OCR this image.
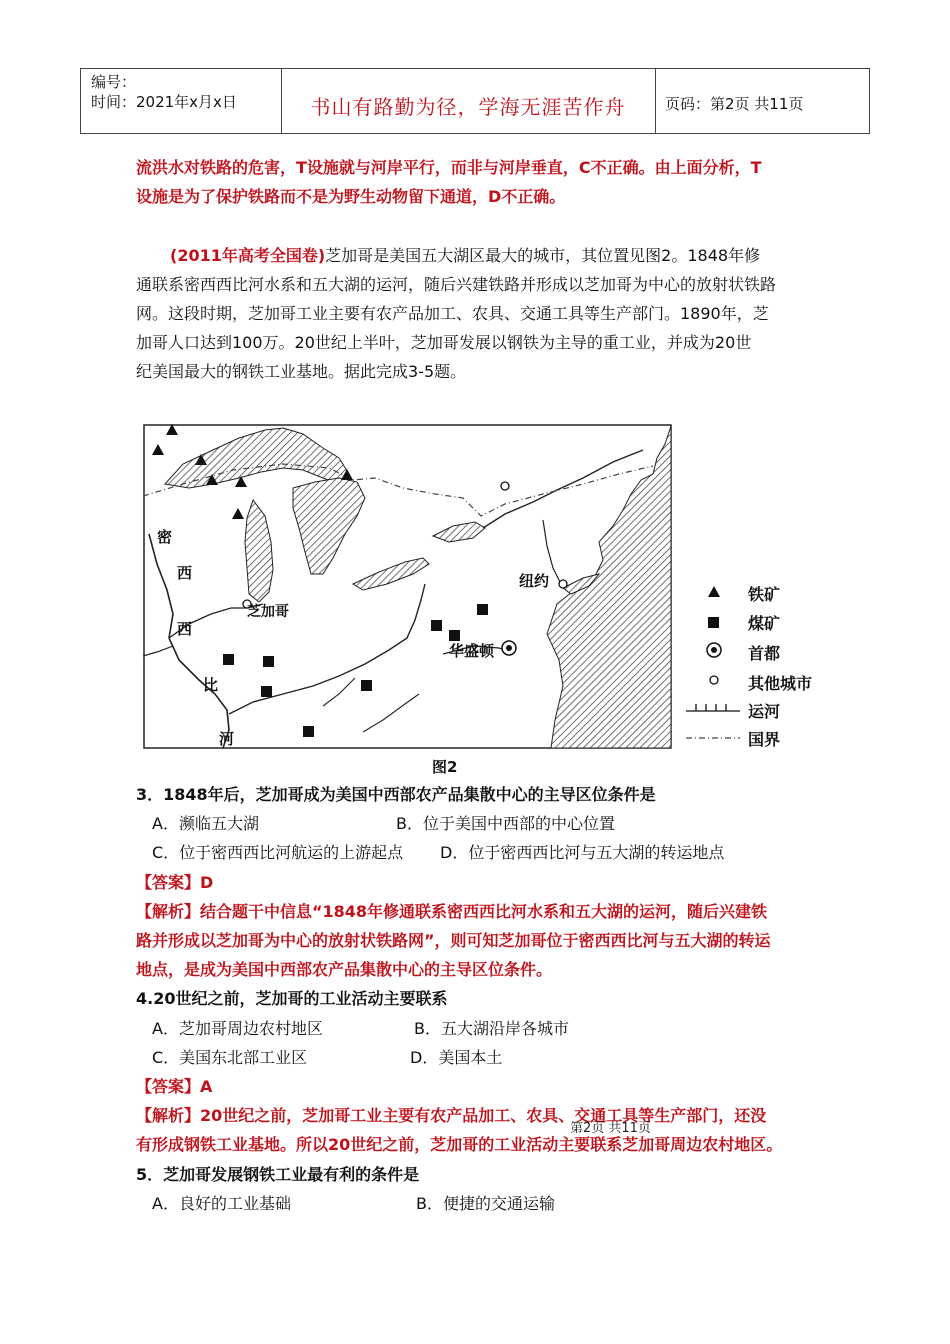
编号：
时间：2021年x月x日	书山有路勤为径，学海无涯苦作舟	页码：第2页 共11页
流洪水对铁路的危害，T设施就与河岸平行，而非与河岸垂直，C不正确。由上面分析，T
设施是为了保护铁路而不是为野生动物留下通道，D不正确。
(2011年高考全国卷)芝加哥是美国五大湖区最大的城市，其位置见图2。1848年修
通联系密西西比河水系和五大湖的运河，随后兴建铁路并形成以芝加哥为中心的放射状铁路
网。这段时期，芝加哥工业主要有农产品加工、农具、交通工具等生产部门。1890年，芝
加哥人口达到100万。20世纪上半叶，芝加哥发展以钢铁为主导的重工业，并成为20世
纪美国最大的钢铁工业基地。据此完成3-5题。
密
西
西
比
河
芝加哥
纽约
华盛顿
铁矿
煤矿
首都
其他城市
运河
国界
图2
3．1848年后，芝加哥成为美国中西部农产品集散中心的主导区位条件是
A．濒临五大湖	B．位于美国中西部的中心位置
C．位于密西西比河航运的上游起点 D．位于密西西比河与五大湖的转运地点
【答案】D
【解析】结合题干中信息“1848年修通联系密西西比河水系和五大湖的运河，随后兴建铁
路并形成以芝加哥为中心的放射状铁路网”，则可知芝加哥位于密西西比河与五大湖的转运
地点，是成为美国中西部农产品集散中心的主导区位条件。
4.20世纪之前，芝加哥的工业活动主要联系
A．芝加哥周边农村地区	B．五大湖沿岸各城市
C．美国东北部工业区	D．美国本土
【答案】A
【解析】20世纪之前，芝加哥工业主要有农产品加工、农具、交通工具等生产部门，还没
有形成钢铁工业基地。所以20世纪之前，芝加哥的工业活动主要联系芝加哥周边农村地区。
5．芝加哥发展钢铁工业最有利的条件是
A．良好的工业基础	B．便捷的交通运输
第2页 共11页
